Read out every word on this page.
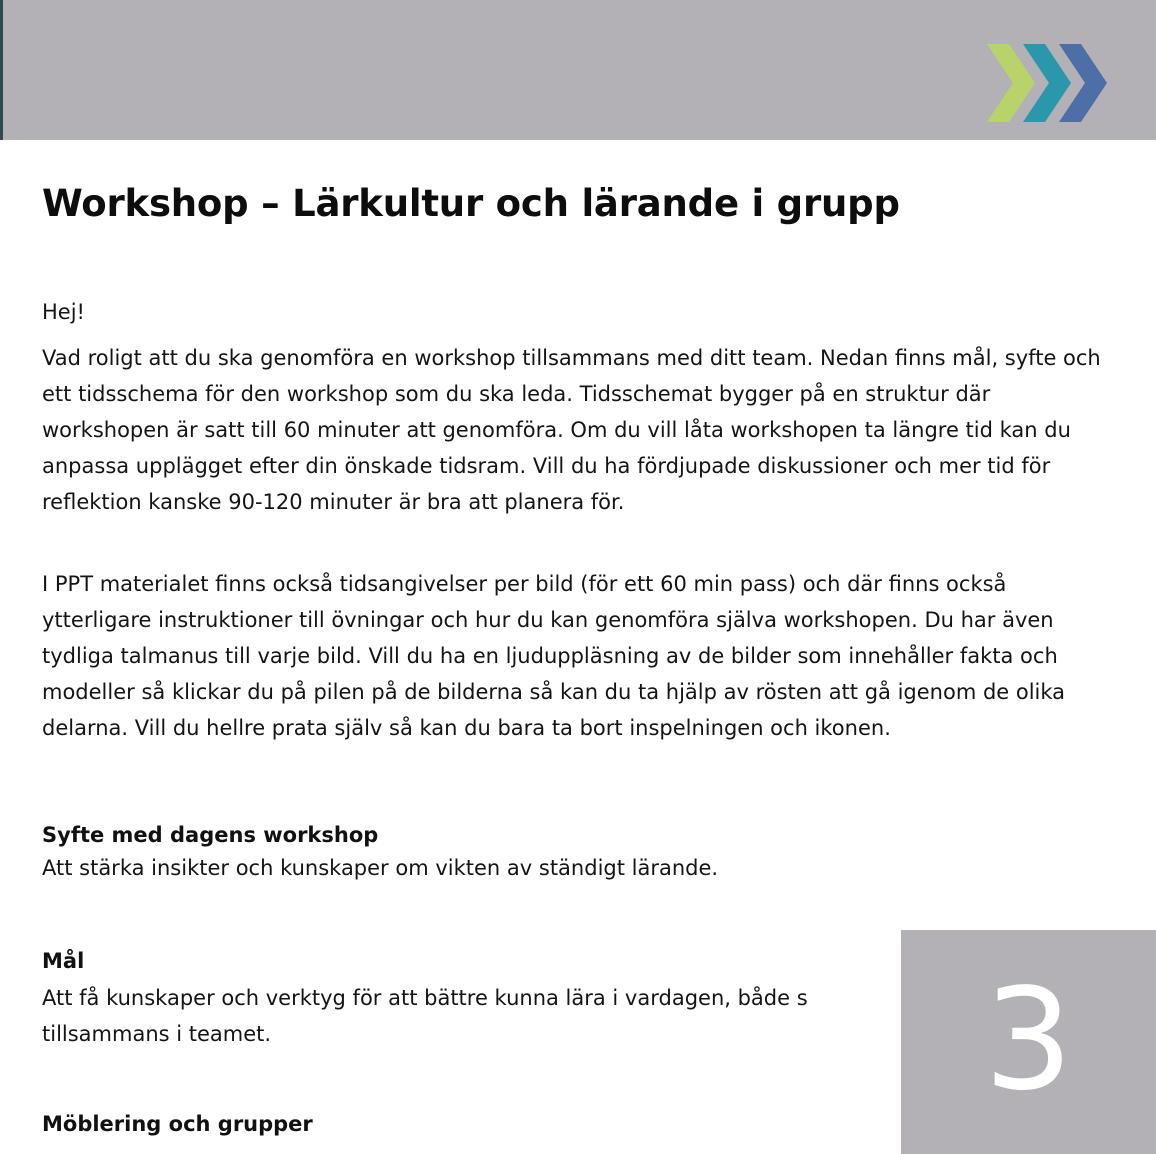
Workshop – Lärkultur och lärande i grupp

Hej!

Vad roligt att du ska genomföra en workshop tillsammans med ditt team. Nedan finns mål, syfte och ett tidsschema för den workshop som du ska leda. Tidsschemat bygger på en struktur där workshopen är satt till 60 minuter att genomföra. Om du vill låta workshopen ta längre tid kan du anpassa upplägget efter din önskade tidsram. Vill du ha fördjupade diskussioner och mer tid för reflektion kanske 90-120 minuter är bra att planera för.

I PPT materialet finns också tidsangivelser per bild (för ett 60 min pass) och där finns också ytterligare instruktioner till övningar och hur du kan genomföra själva workshopen. Du har även tydliga talmanus till varje bild. Vill du ha en ljuduppläsning av de bilder som innehåller fakta och modeller så klickar du på pilen på de bilderna så kan du ta hjälp av rösten att gå igenom de olika delarna. Vill du hellre prata själv så kan du bara ta bort inspelningen och ikonen.

Syfte med dagens workshop

Att stärka insikter och kunskaper om vikten av ständigt lärande.

Mål

Att få kunskaper och verktyg för att bättre kunna lära i vardagen, både s tillsammans i teamet.

Möblering och grupper
3
